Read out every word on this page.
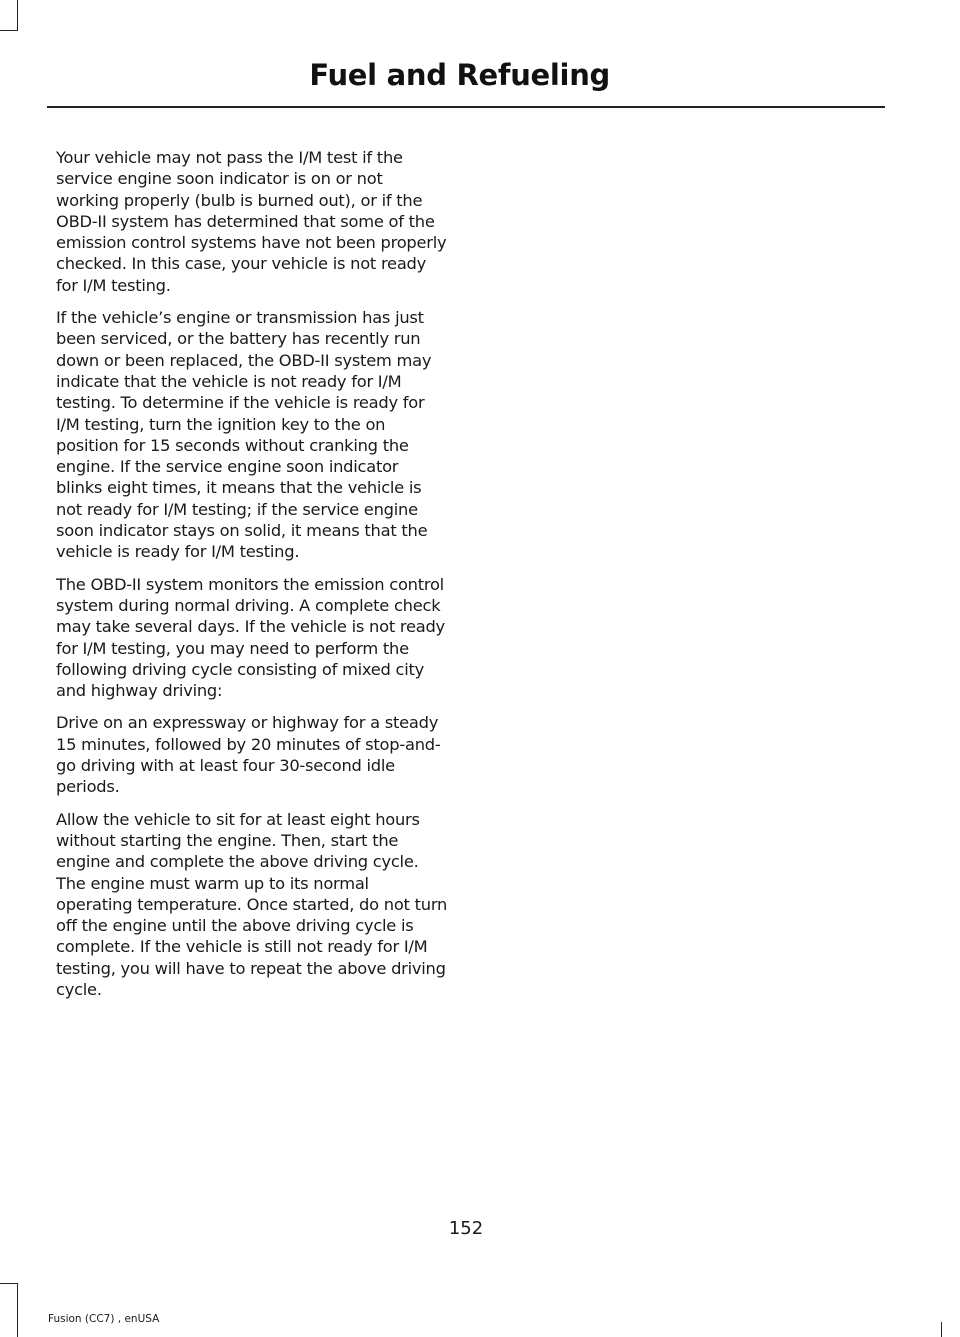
Fuel and Refueling

Your vehicle may not pass the I/M test if the service engine soon indicator is on or not working properly (bulb is burned out), or if the OBD-II system has determined that some of the emission control systems have not been properly checked. In this case, your vehicle is not ready for I/M testing.

If the vehicle’s engine or transmission has just been serviced, or the battery has recently run down or been replaced, the OBD-II system may indicate that the vehicle is not ready for I/M testing. To determine if the vehicle is ready for I/M testing, turn the ignition key to the on position for 15 seconds without cranking the engine. If the service engine soon indicator blinks eight times, it means that the vehicle is not ready for I/M testing; if the service engine soon indicator stays on solid, it means that the vehicle is ready for I/M testing.

The OBD-II system monitors the emission control system during normal driving. A complete check may take several days. If the vehicle is not ready for I/M testing, you may need to perform the following driving cycle consisting of mixed city and highway driving:

Drive on an expressway or highway for a steady 15 minutes, followed by 20 minutes of stop-and-go driving with at least four 30-second idle periods.

Allow the vehicle to sit for at least eight hours without starting the engine. Then, start the engine and complete the above driving cycle. The engine must warm up to its normal operating temperature. Once started, do not turn off the engine until the above driving cycle is complete. If the vehicle is still not ready for I/M testing, you will have to repeat the above driving cycle.

152
Fusion (CC7) , enUSA
